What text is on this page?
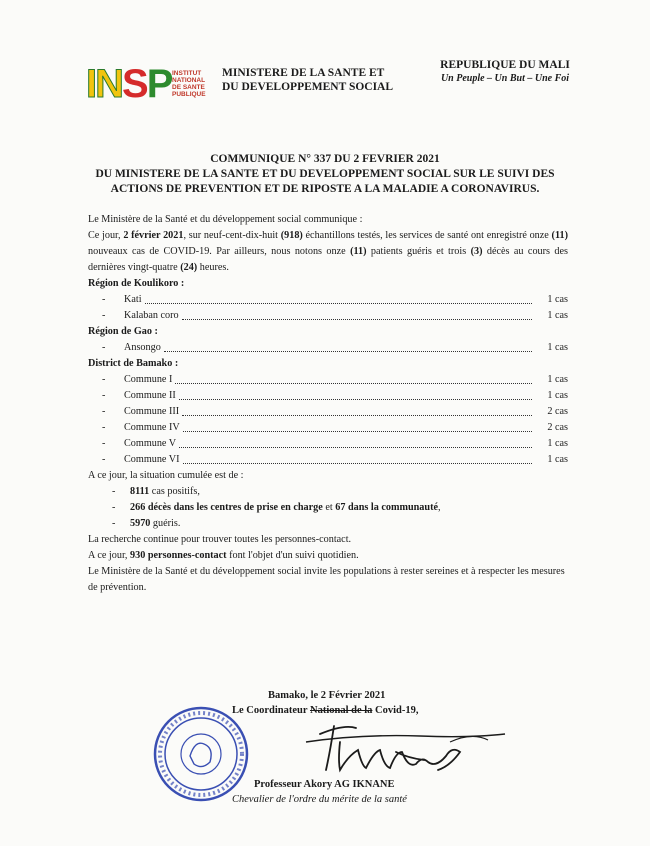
INSP INSTITUT
NATIONAL
DE SANTE
PUBLIQUE
MINISTERE DE LA SANTE ET
DU DEVELOPPEMENT SOCIAL
REPUBLIQUE DU MALI
Un Peuple – Un But – Une Foi
COMMUNIQUE N° 337 DU 2 FEVRIER 2021
DU MINISTERE DE LA SANTE ET DU DEVELOPPEMENT SOCIAL SUR LE SUIVI DES
ACTIONS DE PREVENTION ET DE RIPOSTE A LA MALADIE A CORONAVIRUS.

Le Ministère de la Santé et du développement social communique :

Ce jour, 2 février 2021, sur neuf-cent-dix-huit (918) échantillons testés, les services de santé ont enregistré onze (11) nouveaux cas de COVID-19. Par ailleurs, nous notons onze (11) patients guéris et trois (3) décès au cours des dernières vingt-quatre (24) heures.

Région de Koulikoro :

-	Kati	1 cas
-	Kalaban coro	1 cas

Région de Gao :

-	Ansongo	1 cas

District de Bamako :

-	Commune I	1 cas
-	Commune II	1 cas
-	Commune III	2 cas
-	Commune IV	2 cas
-	Commune V	1 cas
-	Commune VI	1 cas

A ce jour, la situation cumulée est de :

-	8111 cas positifs,
-	266 décès dans les centres de prise en charge et 67 dans la communauté,
-	5970 guéris.

La recherche continue pour trouver toutes les personnes-contact.

A ce jour, 930 personnes-contact font l'objet d'un suivi quotidien.

Le Ministère de la Santé et du développement social invite les populations à rester sereines et à respecter les mesures de prévention.

Bamako, le 2 Février 2021
Le Coordinateur National de la Covid-19,
Professeur Akory AG IKNANE
Chevalier de l'ordre du mérite de la santé
